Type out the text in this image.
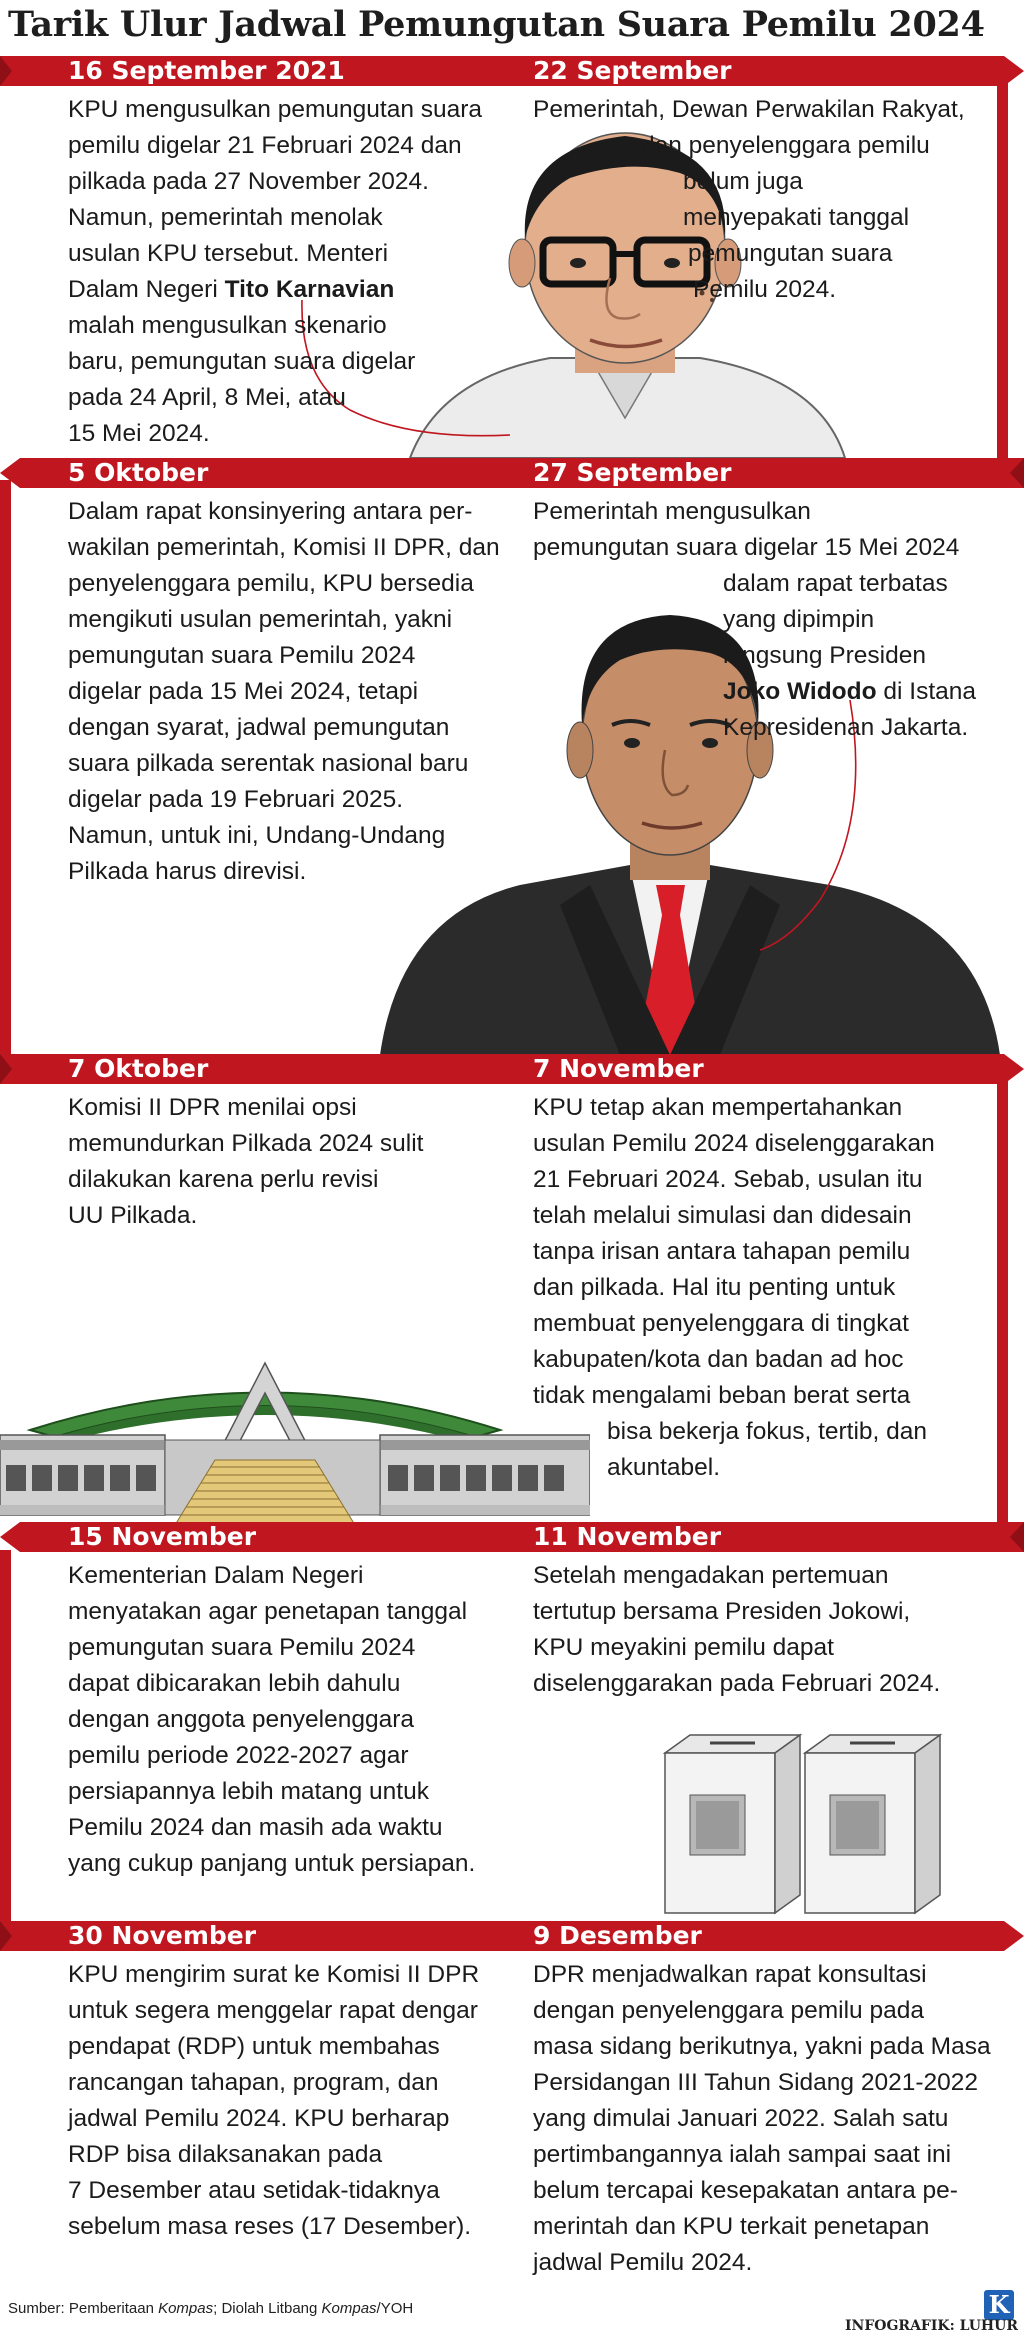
Tarik Ulur Jadwal Pemungutan Suara Pemilu 2024
16 September 2021	22 September
KPU mengusulkan pemungutan suara
pemilu digelar 21 Februari 2024 dan
pilkada pada 27 November 2024.
Namun, pemerintah menolak
usulan KPU tersebut. Menteri
Dalam Negeri Tito Karnavian
malah mengusulkan skenario
baru, pemungutan suara digelar
pada 24 April, 8 Mei, atau
15 Mei 2024.
Pemerintah, Dewan Perwakilan Rakyat,
dan penyelenggara pemilu
belum juga
menyepakati tanggal
pemungutan suara
Pemilu 2024.
5 Oktober	27 September
Dalam rapat konsinyering antara per-
wakilan pemerintah, Komisi II DPR, dan
penyelenggara pemilu, KPU bersedia
mengikuti usulan pemerintah, yakni
pemungutan suara Pemilu 2024
digelar pada 15 Mei 2024, tetapi
dengan syarat, jadwal pemungutan
suara pilkada serentak nasional baru
digelar pada 19 Februari 2025.
Namun, untuk ini, Undang-Undang
Pilkada harus direvisi.
Pemerintah mengusulkan
pemungutan suara digelar 15 Mei 2024
dalam rapat terbatas
yang dipimpin
langsung Presiden
Joko Widodo di Istana
Kepresidenan Jakarta.
7 Oktober	7 November
Komisi II DPR menilai opsi
memundurkan Pilkada 2024 sulit
dilakukan karena perlu revisi
UU Pilkada.
KPU tetap akan mempertahankan
usulan Pemilu 2024 diselenggarakan
21 Februari 2024. Sebab, usulan itu
telah melalui simulasi dan didesain
tanpa irisan antara tahapan pemilu
dan pilkada. Hal itu penting untuk
membuat penyelenggara di tingkat
kabupaten/kota dan badan ad hoc
tidak mengalami beban berat serta
bisa bekerja fokus, tertib, dan
akuntabel.
15 November	11 November
Kementerian Dalam Negeri
menyatakan agar penetapan tanggal
pemungutan suara Pemilu 2024
dapat dibicarakan lebih dahulu
dengan anggota penyelenggara
pemilu periode 2022-2027 agar
persiapannya lebih matang untuk
Pemilu 2024 dan masih ada waktu
yang cukup panjang untuk persiapan.
Setelah mengadakan pertemuan
tertutup bersama Presiden Jokowi,
KPU meyakini pemilu dapat
diselenggarakan pada Februari 2024.
30 November	9 Desember
KPU mengirim surat ke Komisi II DPR
untuk segera menggelar rapat dengar
pendapat (RDP) untuk membahas
rancangan tahapan, program, dan
jadwal Pemilu 2024. KPU berharap
RDP bisa dilaksanakan pada
7 Desember atau setidak-tidaknya
sebelum masa reses (17 Desember).
DPR menjadwalkan rapat konsultasi
dengan penyelenggara pemilu pada
masa sidang berikutnya, yakni pada Masa
Persidangan III Tahun Sidang 2021-2022
yang dimulai Januari 2022. Salah satu
pertimbangannya ialah sampai saat ini
belum tercapai kesepakatan antara pe-
merintah dan KPU terkait penetapan
jadwal Pemilu 2024.
Sumber: Pemberitaan Kompas; Diolah Litbang Kompas/YOH	K
INFOGRAFIK: LUHUR
